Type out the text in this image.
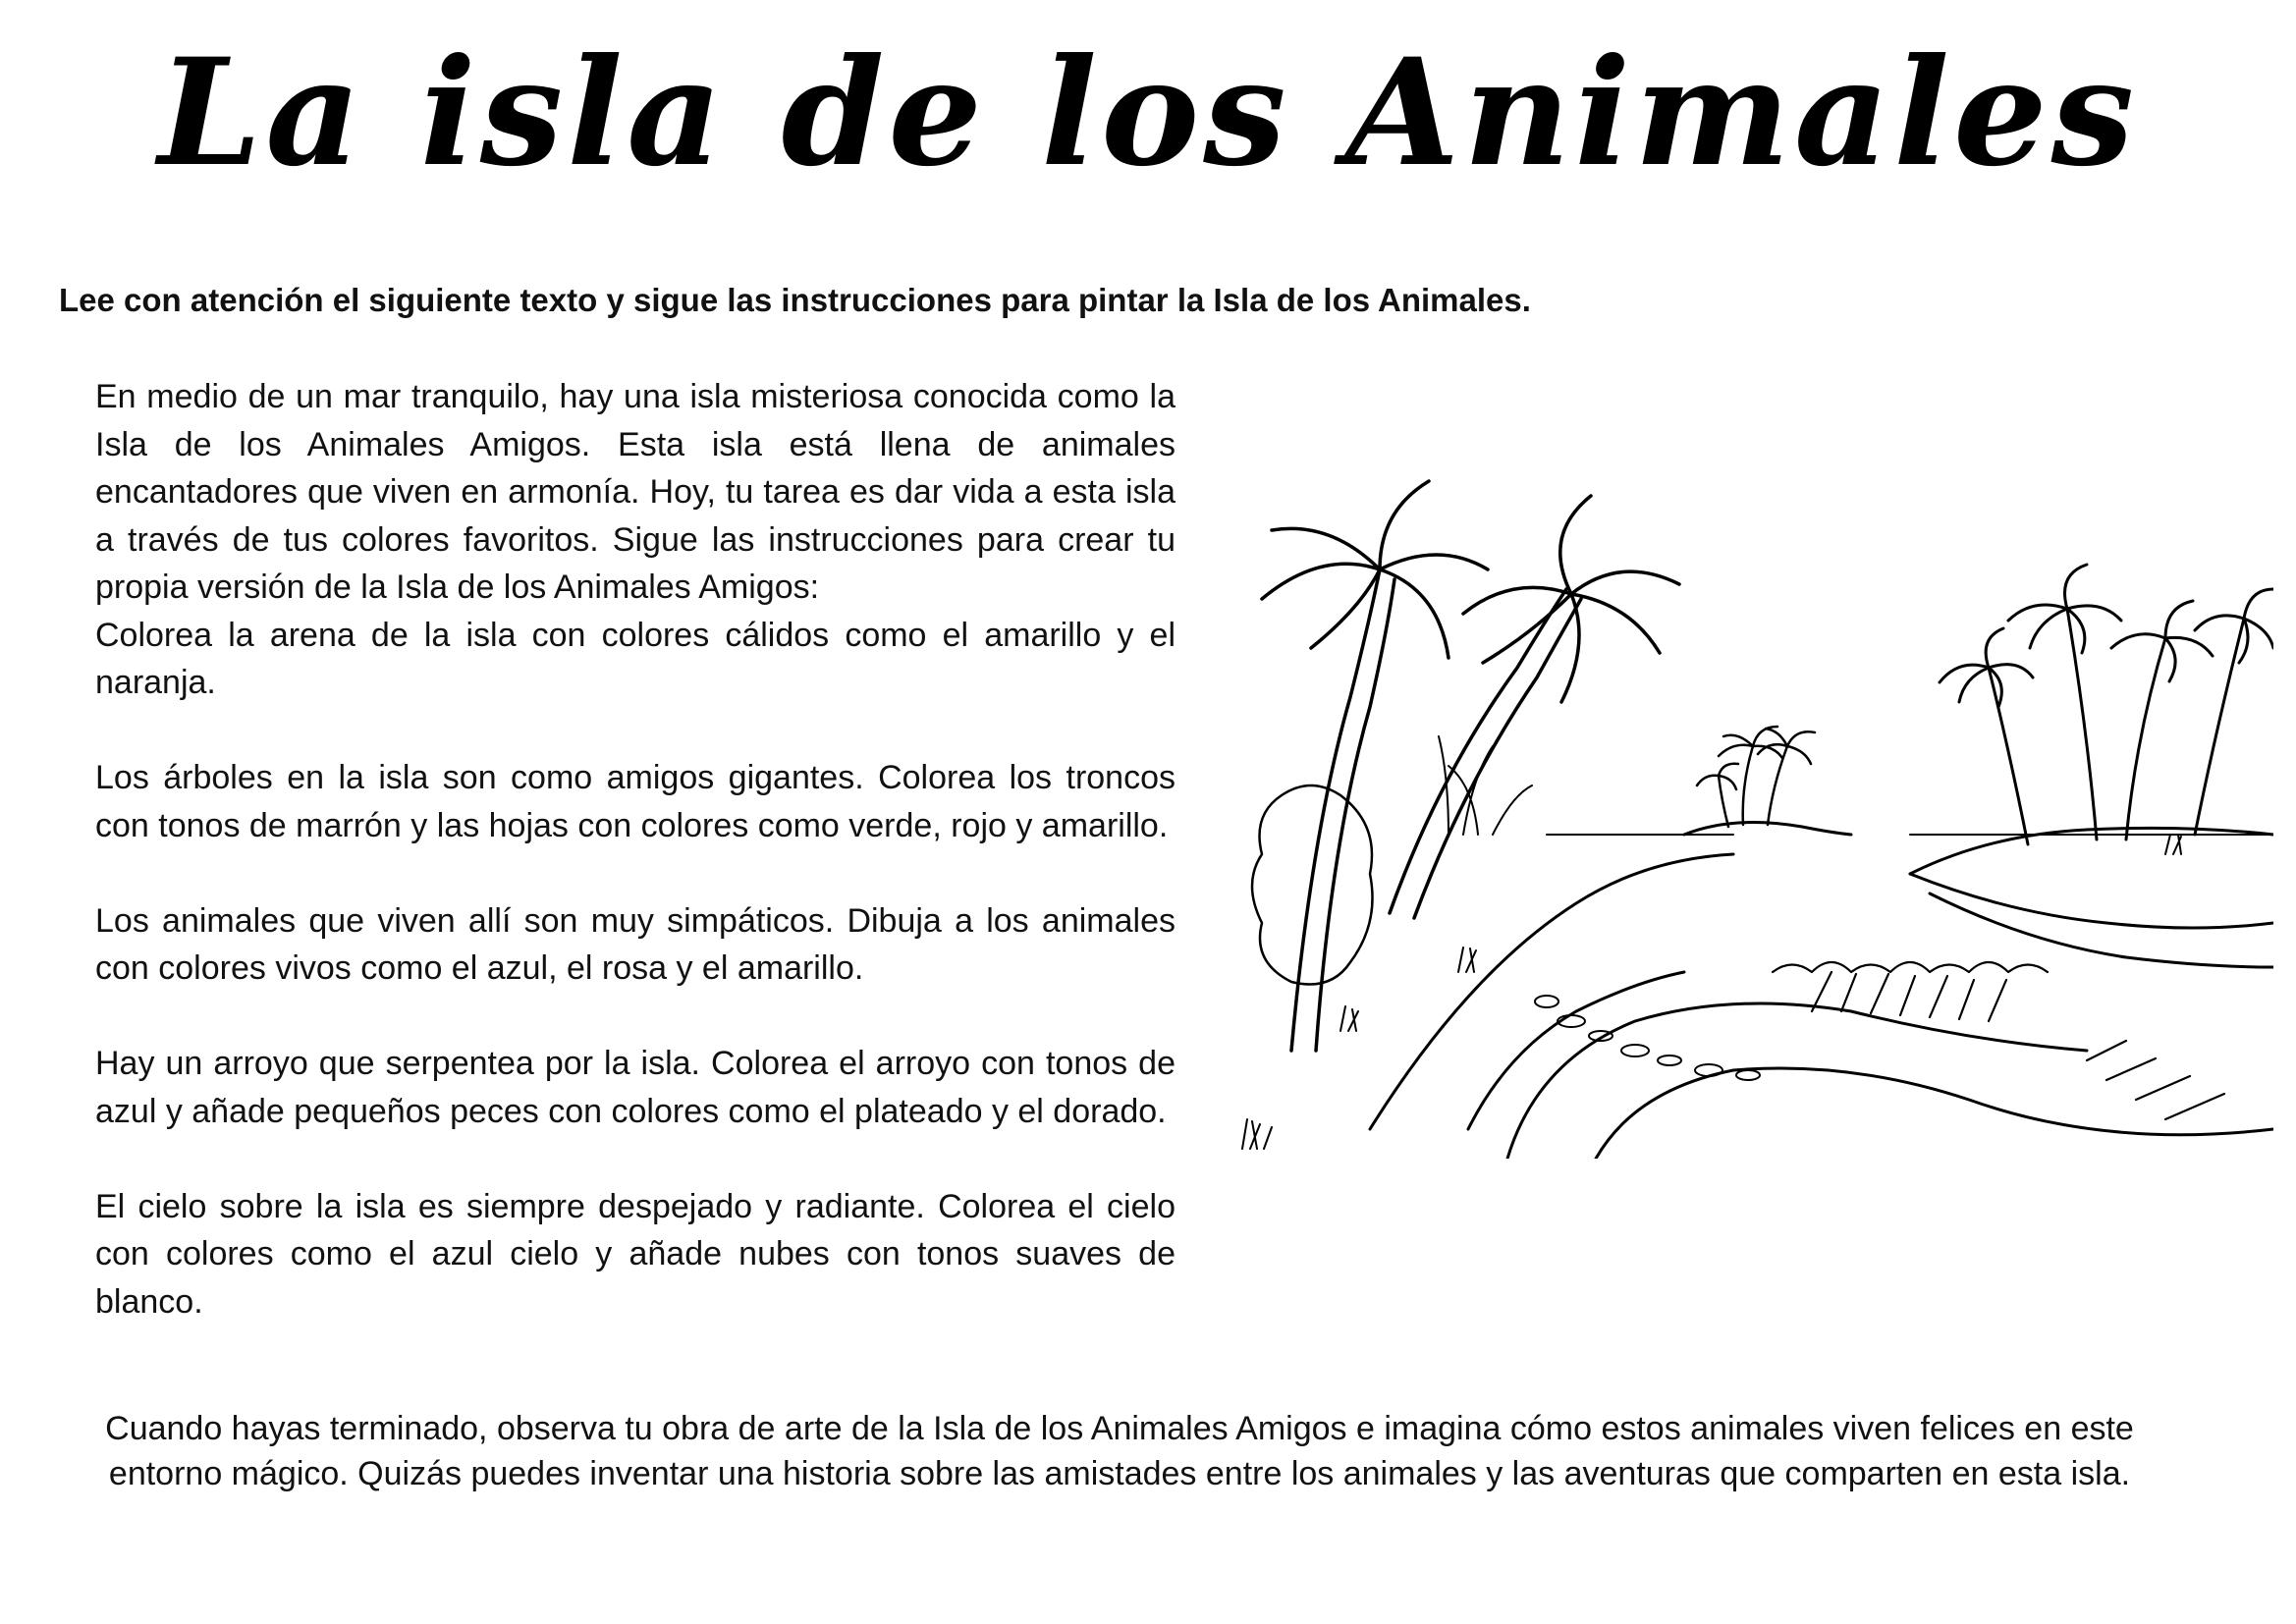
La isla de los Animales

Lee con atención el siguiente texto y sigue las instrucciones para pintar la Isla de los Animales.

En medio de un mar tranquilo, hay una isla misteriosa conocida como la Isla de los Animales Amigos. Esta isla está llena de animales encantadores que viven en armonía. Hoy, tu tarea es dar vida a esta isla a través de tus colores favoritos. Sigue las instrucciones para crear tu propia versión de la Isla de los Animales Amigos:

Colorea la arena de la isla con colores cálidos como el amarillo y el naranja.

Los árboles en la isla son como amigos gigantes. Colorea los troncos con tonos de marrón y las hojas con colores como verde, rojo y amarillo.

Los animales que viven allí son muy simpáticos. Dibuja a los animales con colores vivos como el azul, el rosa y el amarillo.

Hay un arroyo que serpentea por la isla. Colorea el arroyo con tonos de azul y añade pequeños peces con colores como el plateado y el dorado.

El cielo sobre la isla es siempre despejado y radiante. Colorea el cielo con colores como el azul cielo y añade nubes con tonos suaves de blanco.

Cuando hayas terminado, observa tu obra de arte de la Isla de los Animales Amigos e imagina cómo estos animales viven felices en este entorno mágico. Quizás puedes inventar una historia sobre las amistades entre los animales y las aventuras que comparten en esta isla.
